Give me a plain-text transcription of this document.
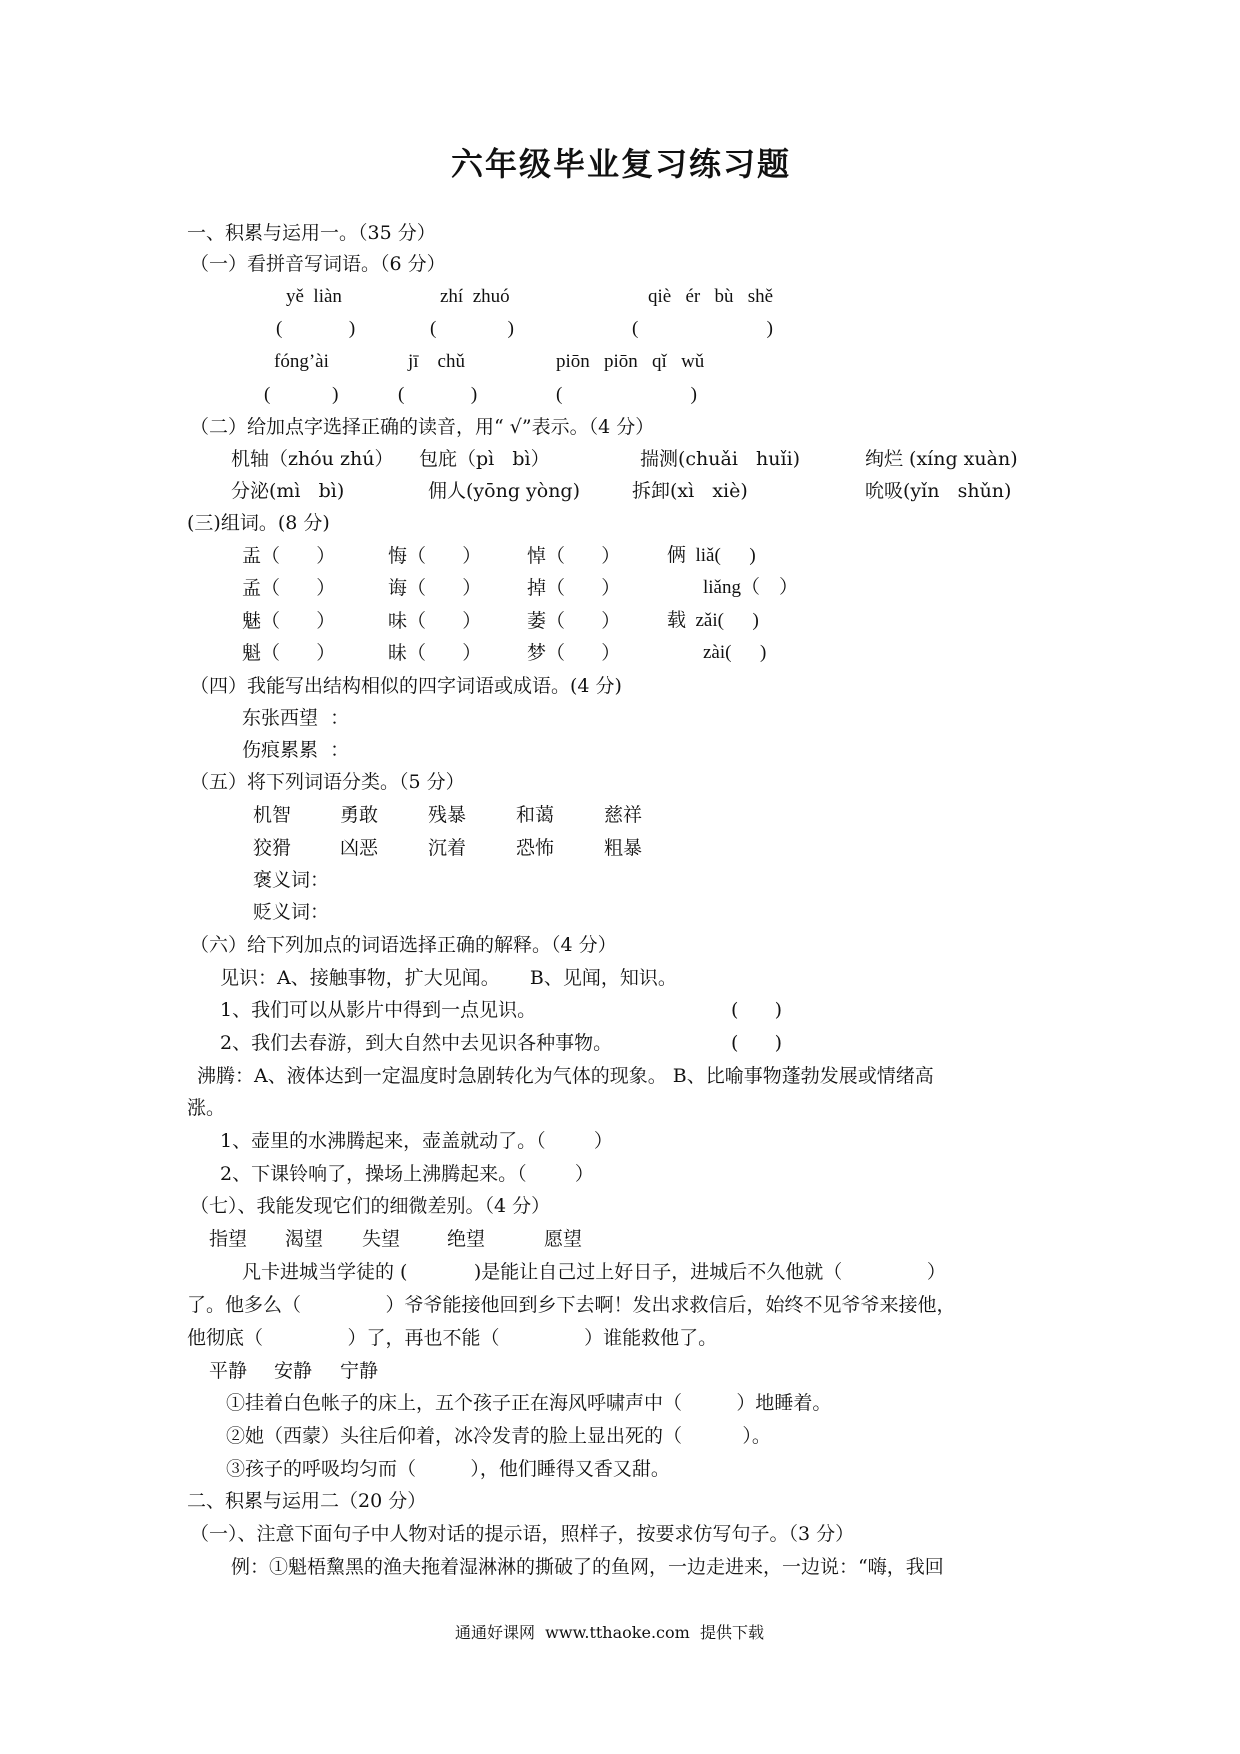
六年级毕业复习练习题
一、积累与运用一。（35 分）
（一）看拼音写词语。（6 分）
yě  liàn	zhí  zhuó	qiè   ér   bù   shě
(              )	(               )	(                           )
fóng’ài	jī    chǔ	piōn   piōn   qǐ   wǔ
(             )	(              )	(                           )
（二）给加点字选择正确的读音，用“ √”表示。（4 分）
机轴（zhóu zhú） 包庇（pì   bì）	揣测(chuǎi   huǐi)	绚烂 (xíng xuàn)
分泌(mì   bì)	佣人(yōng yòng)	拆卸(xì   xiè)	吮吸(yǐn   shǔn)
(三)组词。(8 分)
盂（      ）	悔（      ） 悼（      ） 俩  liǎ(      )
孟（      ）	诲（      ） 掉（      ）	liǎng（    ）
魅（      ）	味（      ） 萎（      ） 载  zǎi(      )
魁（      ）	昧（      ） 梦（      ）	zài(      )
（四）我能写出结构相似的四字词语或成语。(4 分)
东张西望  ：
伤痕累累  ：
（五）将下列词语分类。（5 分）
机智	勇敢	残暴	和蔼	慈祥
狡猾	凶恶	沉着	恐怖	粗暴
褒义词：
贬义词：
（六）给下列加点的词语选择正确的解释。（4 分）
见识：A、接触事物，扩大见闻。     B、见闻，知识。
1、我们可以从影片中得到一点见识。	(      )
2、我们去春游，到大自然中去见识各种事物。	(      )
沸腾：A、液体达到一定温度时急剧转化为气体的现象。 B、比喻事物蓬勃发展或情绪高
涨。
1、壶里的水沸腾起来，壶盖就动了。（        ）
2、下课铃响了，操场上沸腾起来。（        ）
（七）、我能发现它们的细微差别。（4 分）
指望 渴望 失望 绝望	愿望
凡卡进城当学徒的 (           )是能让自己过上好日子，进城后不久他就（              ）
了。他多么（              ）爷爷能接他回到乡下去啊！发出求救信后，始终不见爷爷来接他，
他彻底（              ）了，再也不能（              ）谁能救他了。
平静 安静 宁静
①挂着白色帐子的床上，五个孩子正在海风呼啸声中（         ）地睡着。
②她（西蒙）头往后仰着，冰冷发青的脸上显出死的（          ）。
③孩子的呼吸均匀而（         ），他们睡得又香又甜。
二、积累与运用二（20 分）
（一）、注意下面句子中人物对话的提示语，照样子，按要求仿写句子。（3 分）
例：①魁梧黧黑的渔夫拖着湿淋淋的撕破了的鱼网，一边走进来，一边说：“嗨，我回
通通好课网  www.tthaoke.com  提供下载
